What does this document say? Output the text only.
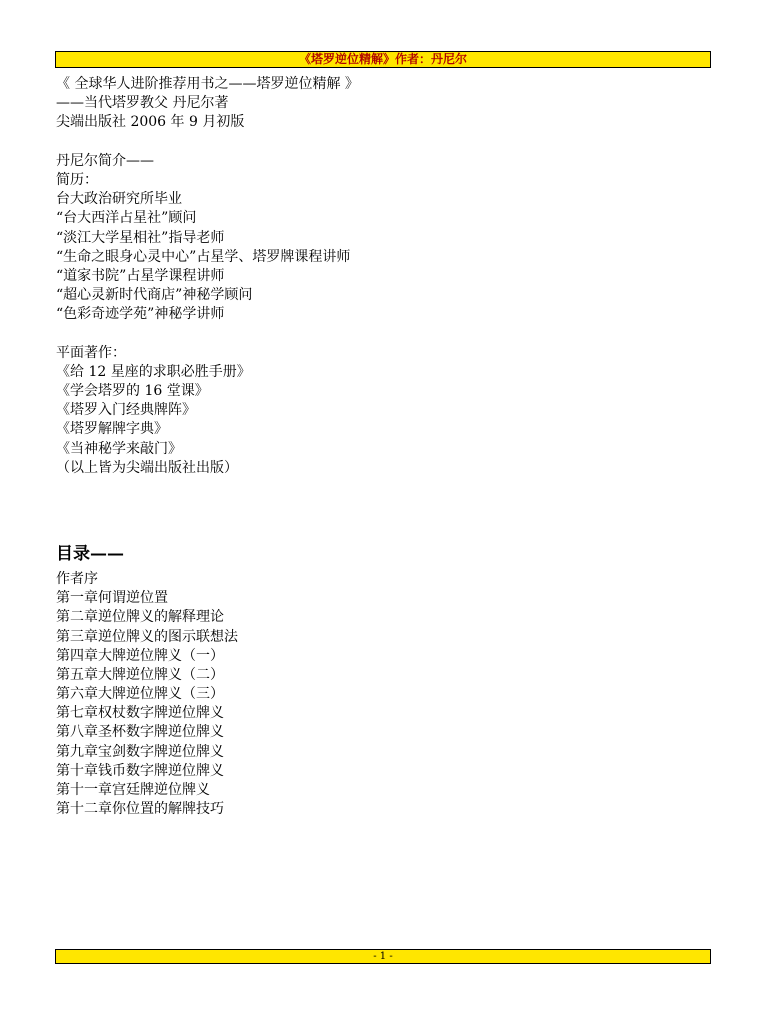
《塔罗逆位精解》作者：丹尼尔
《 全球华人进阶推荐用书之——塔罗逆位精解 》
——当代塔罗教父 丹尼尔著
尖端出版社 2006 年 9 月初版
丹尼尔简介——
简历：
台大政治研究所毕业
“台大西洋占星社”顾问
“淡江大学星相社”指导老师
“生命之眼身心灵中心”占星学、塔罗牌课程讲师
“道家书院”占星学课程讲师
“超心灵新时代商店”神秘学顾问
“色彩奇迹学苑”神秘学讲师
平面著作：
《给 12 星座的求职必胜手册》
《学会塔罗的 16 堂课》
《塔罗入门经典牌阵》
《塔罗解牌字典》
《当神秘学来敲门》
（以上皆为尖端出版社出版）
目录——
作者序
第一章何谓逆位置
第二章逆位牌义的解释理论
第三章逆位牌义的图示联想法
第四章大牌逆位牌义（一）
第五章大牌逆位牌义（二）
第六章大牌逆位牌义（三）
第七章权杖数字牌逆位牌义
第八章圣杯数字牌逆位牌义
第九章宝剑数字牌逆位牌义
第十章钱币数字牌逆位牌义
第十一章宫廷牌逆位牌义
第十二章你位置的解牌技巧
- 1 -
